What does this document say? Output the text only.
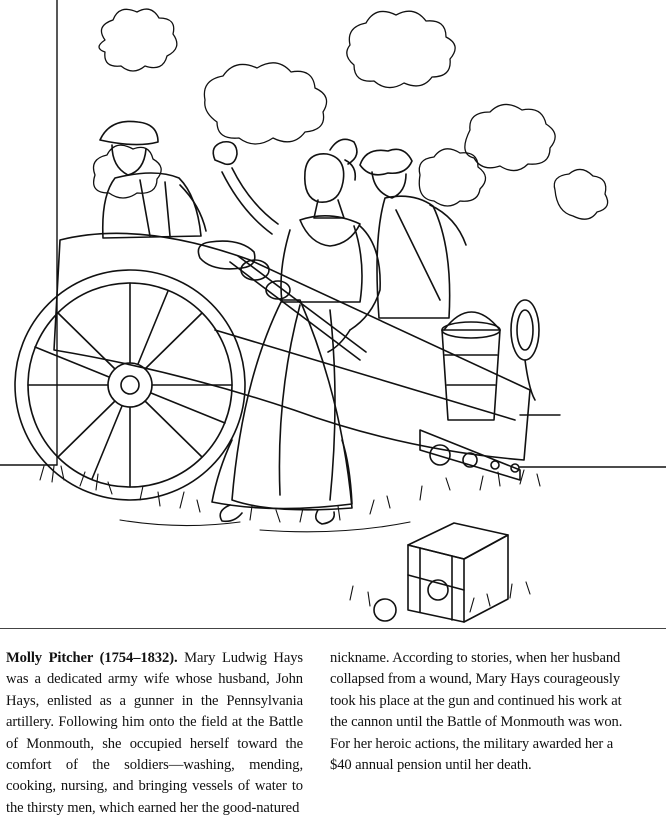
Molly Pitcher (1754–1832). Mary Ludwig Hays was a dedicated army wife whose husband, John Hays, enlisted as a gunner in the Pennsylvania artillery. Following him onto the field at the Battle of Monmouth, she occupied herself toward the comfort of the soldiers—washing, mending, cooking, nursing, and bringing vessels of water to the thirsty men, which earned her the good-natured
nickname. According to stories, when her husband collapsed from a wound, Mary Hays courageously took his place at the gun and continued his work at the cannon until the Battle of Monmouth was won. For her heroic actions, the military awarded her a $40 annual pension until her death.
